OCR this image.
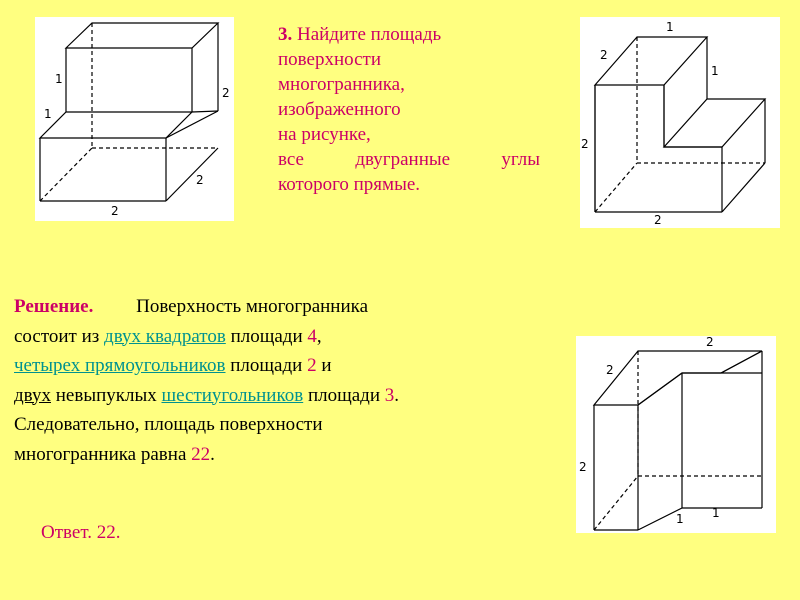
1
1
2
2
2
1
2
1
2
2
2
2
2
1 1
3. Найдите площадь
поверхности
многогранника,
изображенного
на рисунке,
все	двугранные	углы
которого прямые.
Решение. Поверхность многогранника
состоит из двух квадратов площади 4,
четырех прямоугольников площади 2 и
двух невыпуклых шестиугольников площади 3.
Следовательно, площадь поверхности
многогранника равна 22.
Ответ. 22.
